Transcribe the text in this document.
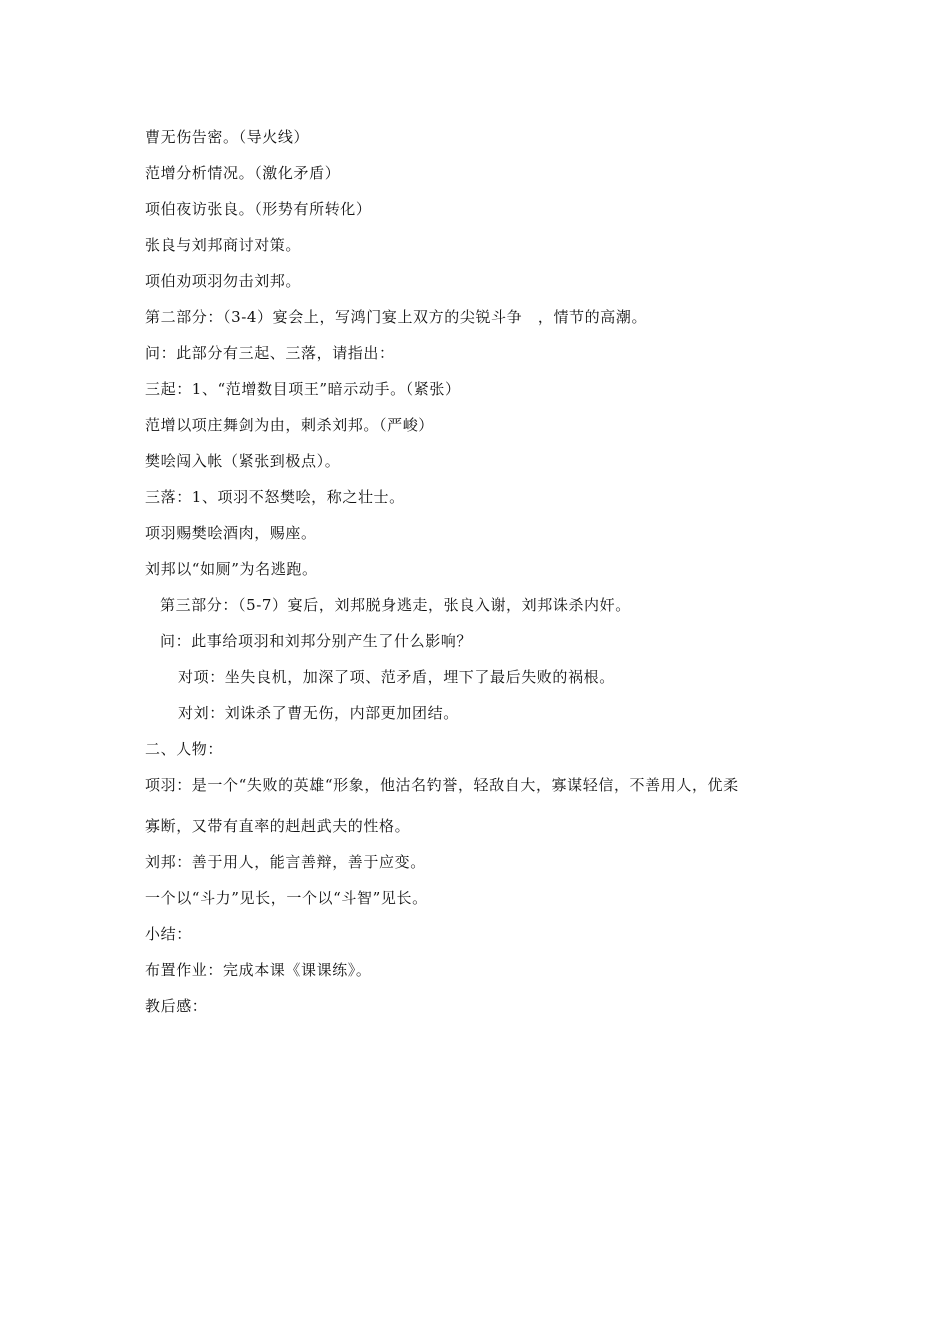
曹无伤告密。（导火线）
范增分析情况。（激化矛盾）
项伯夜访张良。（形势有所转化）
张良与刘邦商讨对策。
项伯劝项羽勿击刘邦。
第二部分：（3-4）宴会上，写鸿门宴上双方的尖锐斗争　，情节的高潮。
问：此部分有三起、三落，请指出：
三起：1、“范增数目项王”暗示动手。（紧张）
范增以项庄舞剑为由，刺杀刘邦。（严峻）
樊哙闯入帐（紧张到极点）。
三落：1、项羽不怒樊哙，称之壮士。
项羽赐樊哙酒肉，赐座。
刘邦以“如厕”为名逃跑。
第三部分：（5-7）宴后，刘邦脱身逃走，张良入谢，刘邦诛杀内奸。
问：此事给项羽和刘邦分别产生了什么影响？
对项：坐失良机，加深了项、范矛盾，埋下了最后失败的祸根。
对刘：刘诛杀了曹无伤，内部更加团结。
二、人物：
项羽：是一个“失败的英雄“形象，他沽名钓誉，轻敌自大，寡谋轻信，不善用人，优柔
寡断，又带有直率的赳赳武夫的性格。
刘邦：善于用人，能言善辩，善于应变。
一个以“斗力”见长，一个以“斗智”见长。
小结：
布置作业：完成本课《课课练》。
教后感：
